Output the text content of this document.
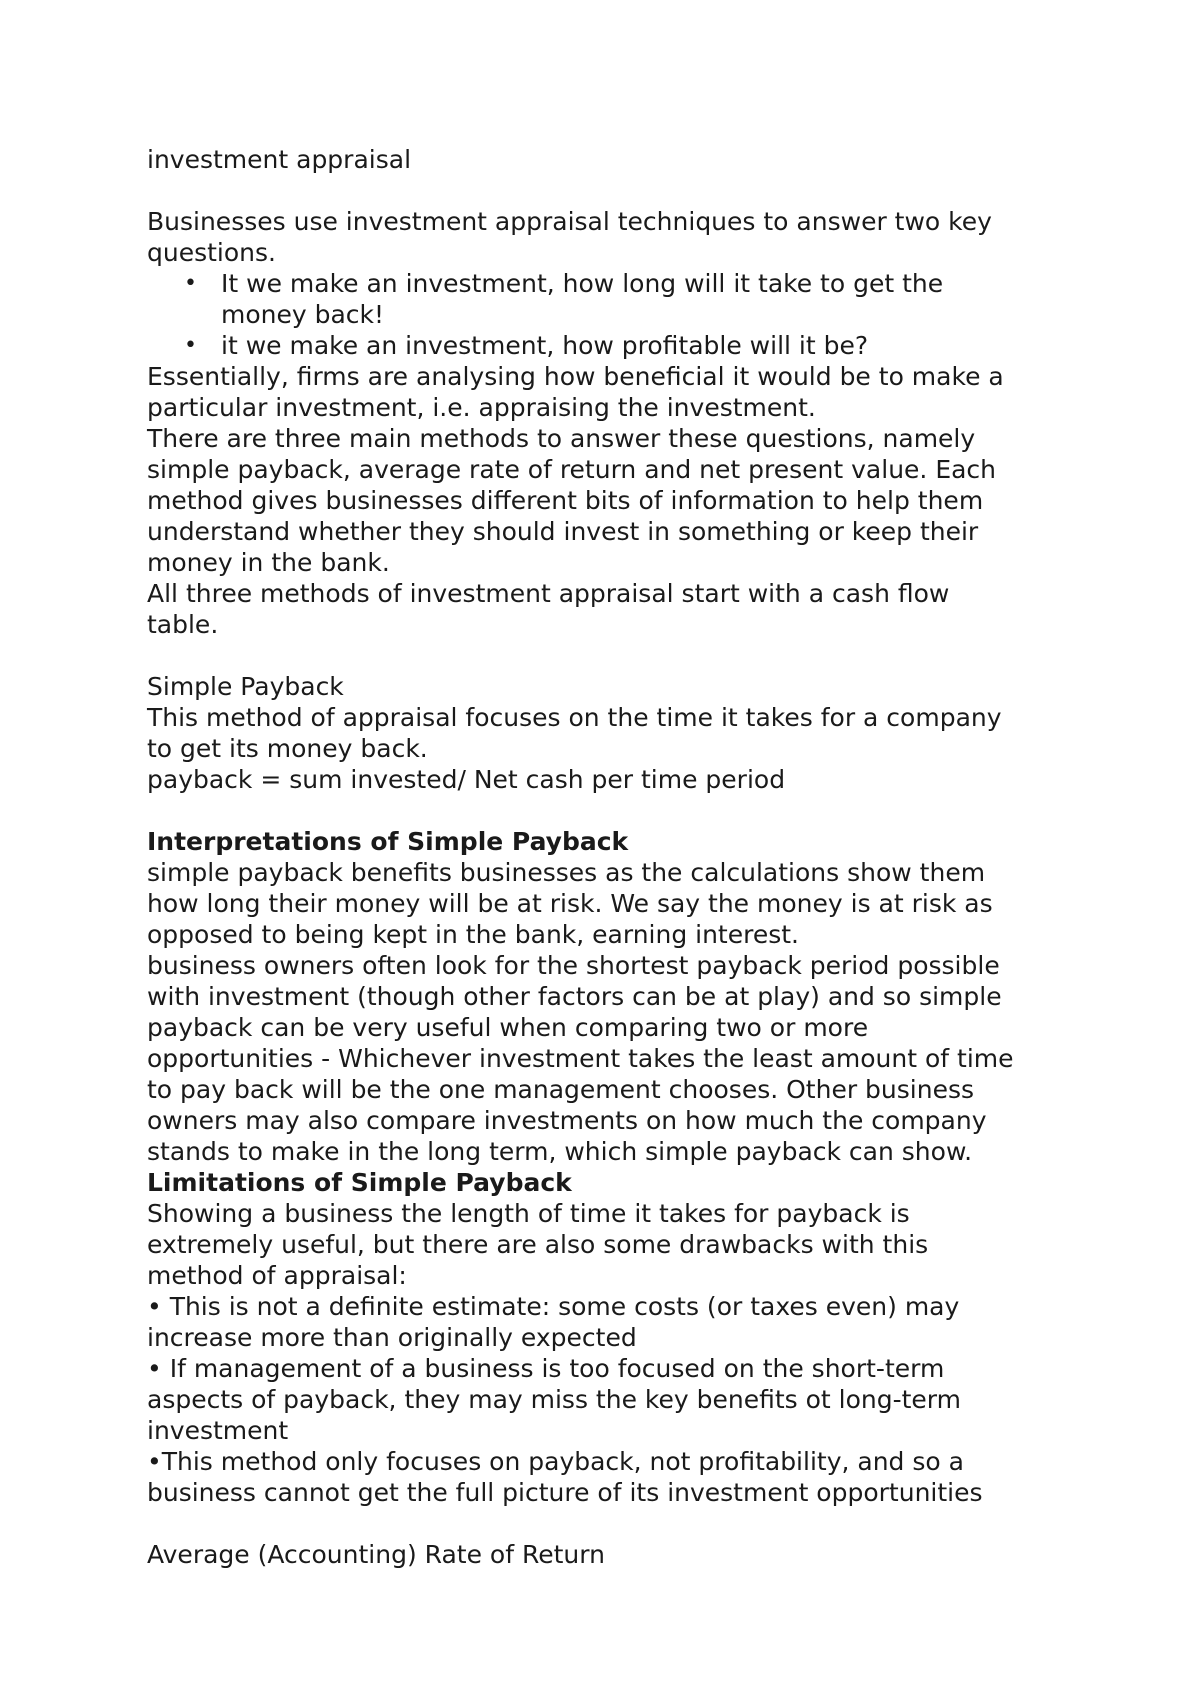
investment appraisal
Businesses use investment appraisal techniques to answer two key
questions.
• It we make an investment, how long will it take to get the
money back!
• it we make an investment, how profitable will it be?
Essentially, firms are analysing how beneficial it would be to make a
particular investment, i.e. appraising the investment.
There are three main methods to answer these questions, namely
simple payback, average rate of return and net present value. Each
method gives businesses different bits of information to help them
understand whether they should invest in something or keep their
money in the bank.
All three methods of investment appraisal start with a cash flow
table.
Simple Payback
This method of appraisal focuses on the time it takes for a company
to get its money back.
payback = sum invested/ Net cash per time period
Interpretations of Simple Payback
simple payback benefits businesses as the calculations show them
how long their money will be at risk. We say the money is at risk as
opposed to being kept in the bank, earning interest.
business owners often look for the shortest payback period possible
with investment (though other factors can be at play) and so simple
payback can be very useful when comparing two or more
opportunities - Whichever investment takes the least amount of time
to pay back will be the one management chooses. Other business
owners may also compare investments on how much the company
stands to make in the long term, which simple payback can show.
Limitations of Simple Payback
Showing a business the length of time it takes for payback is
extremely useful, but there are also some drawbacks with this
method of appraisal:
• This is not a definite estimate: some costs (or taxes even) may
increase more than originally expected
• If management of a business is too focused on the short-term
aspects of payback, they may miss the key benefits ot long-term
investment
•This method only focuses on payback, not profitability, and so a
business cannot get the full picture of its investment opportunities
Average (Accounting) Rate of Return
